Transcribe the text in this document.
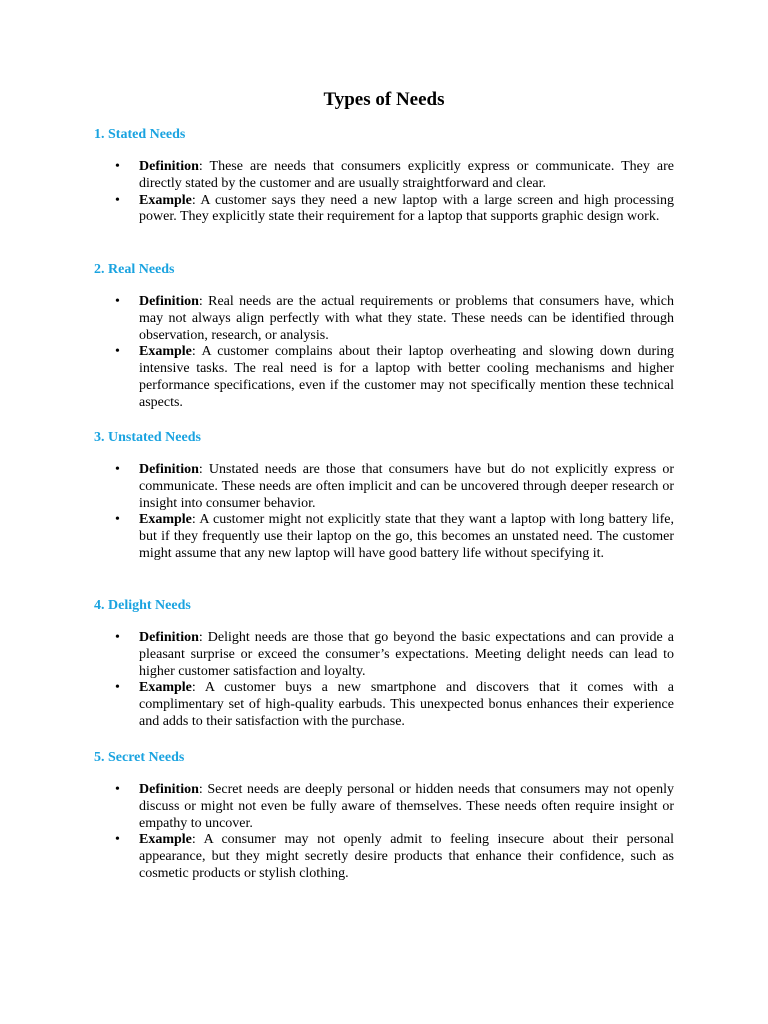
Types of Needs
1. Stated Needs
• Definition: These are needs that consumers explicitly express or communicate. They are directly stated by the customer and are usually straightforward and clear.
• Example: A customer says they need a new laptop with a large screen and high processing power. They explicitly state their requirement for a laptop that supports graphic design work.
2. Real Needs
• Definition: Real needs are the actual requirements or problems that consumers have, which may not always align perfectly with what they state. These needs can be identified through observation, research, or analysis.
• Example: A customer complains about their laptop overheating and slowing down during intensive tasks. The real need is for a laptop with better cooling mechanisms and higher performance specifications, even if the customer may not specifically mention these technical aspects.
3. Unstated Needs
• Definition: Unstated needs are those that consumers have but do not explicitly express or communicate. These needs are often implicit and can be uncovered through deeper research or insight into consumer behavior.
• Example: A customer might not explicitly state that they want a laptop with long battery life, but if they frequently use their laptop on the go, this becomes an unstated need. The customer might assume that any new laptop will have good battery life without specifying it.
4. Delight Needs
• Definition: Delight needs are those that go beyond the basic expectations and can provide a pleasant surprise or exceed the consumer’s expectations. Meeting delight needs can lead to higher customer satisfaction and loyalty.
• Example: A customer buys a new smartphone and discovers that it comes with a complimentary set of high-quality earbuds. This unexpected bonus enhances their experience and adds to their satisfaction with the purchase.
5. Secret Needs
• Definition: Secret needs are deeply personal or hidden needs that consumers may not openly discuss or might not even be fully aware of themselves. These needs often require insight or empathy to uncover.
• Example: A consumer may not openly admit to feeling insecure about their personal appearance, but they might secretly desire products that enhance their confidence, such as cosmetic products or stylish clothing.
